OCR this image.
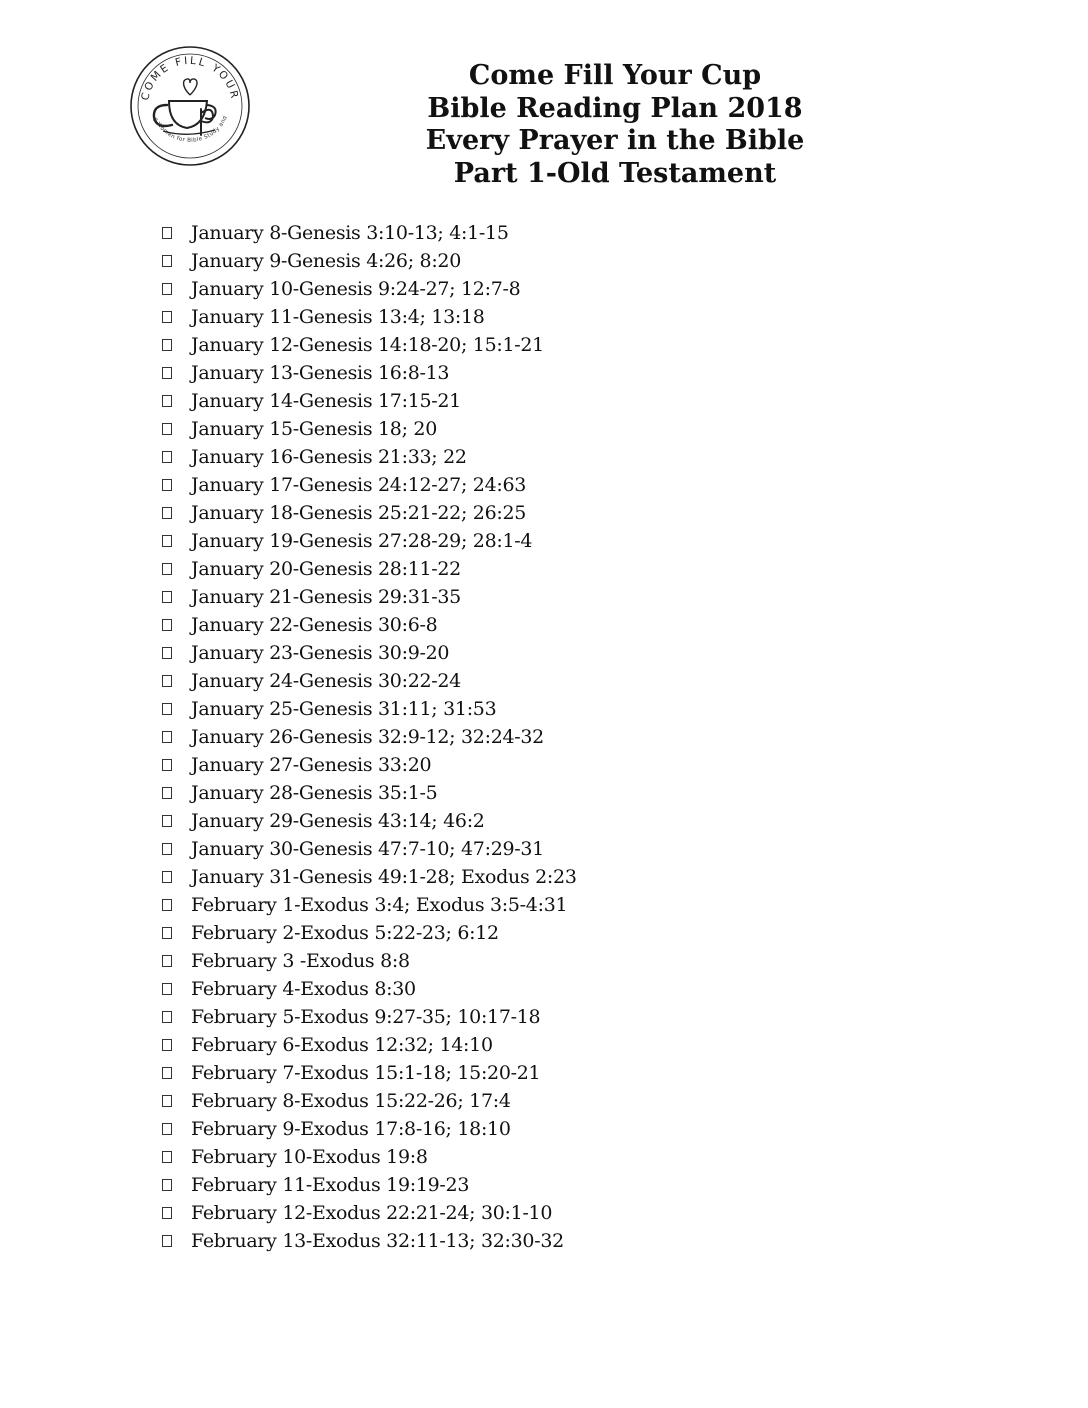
COME FILL YOUR
g Women for Bible Study and
Come Fill Your Cup
Bible Reading Plan 2018
Every Prayer in the Bible
Part 1-Old Testament
January 8-Genesis 3:10-13; 4:1-15
January 9-Genesis 4:26; 8:20
January 10-Genesis 9:24-27; 12:7-8
January 11-Genesis 13:4; 13:18
January 12-Genesis 14:18-20; 15:1-21
January 13-Genesis 16:8-13
January 14-Genesis 17:15-21
January 15-Genesis 18; 20
January 16-Genesis 21:33; 22
January 17-Genesis 24:12-27; 24:63
January 18-Genesis 25:21-22; 26:25
January 19-Genesis 27:28-29; 28:1-4
January 20-Genesis 28:11-22
January 21-Genesis 29:31-35
January 22-Genesis 30:6-8
January 23-Genesis 30:9-20
January 24-Genesis 30:22-24
January 25-Genesis 31:11; 31:53
January 26-Genesis 32:9-12; 32:24-32
January 27-Genesis 33:20
January 28-Genesis 35:1-5
January 29-Genesis 43:14; 46:2
January 30-Genesis 47:7-10; 47:29-31
January 31-Genesis 49:1-28; Exodus 2:23
February 1-Exodus 3:4; Exodus 3:5-4:31
February 2-Exodus 5:22-23; 6:12
February 3 -Exodus 8:8
February 4-Exodus 8:30
February 5-Exodus 9:27-35; 10:17-18
February 6-Exodus 12:32; 14:10
February 7-Exodus 15:1-18; 15:20-21
February 8-Exodus 15:22-26; 17:4
February 9-Exodus 17:8-16; 18:10
February 10-Exodus 19:8
February 11-Exodus 19:19-23
February 12-Exodus 22:21-24; 30:1-10
February 13-Exodus 32:11-13; 32:30-32
